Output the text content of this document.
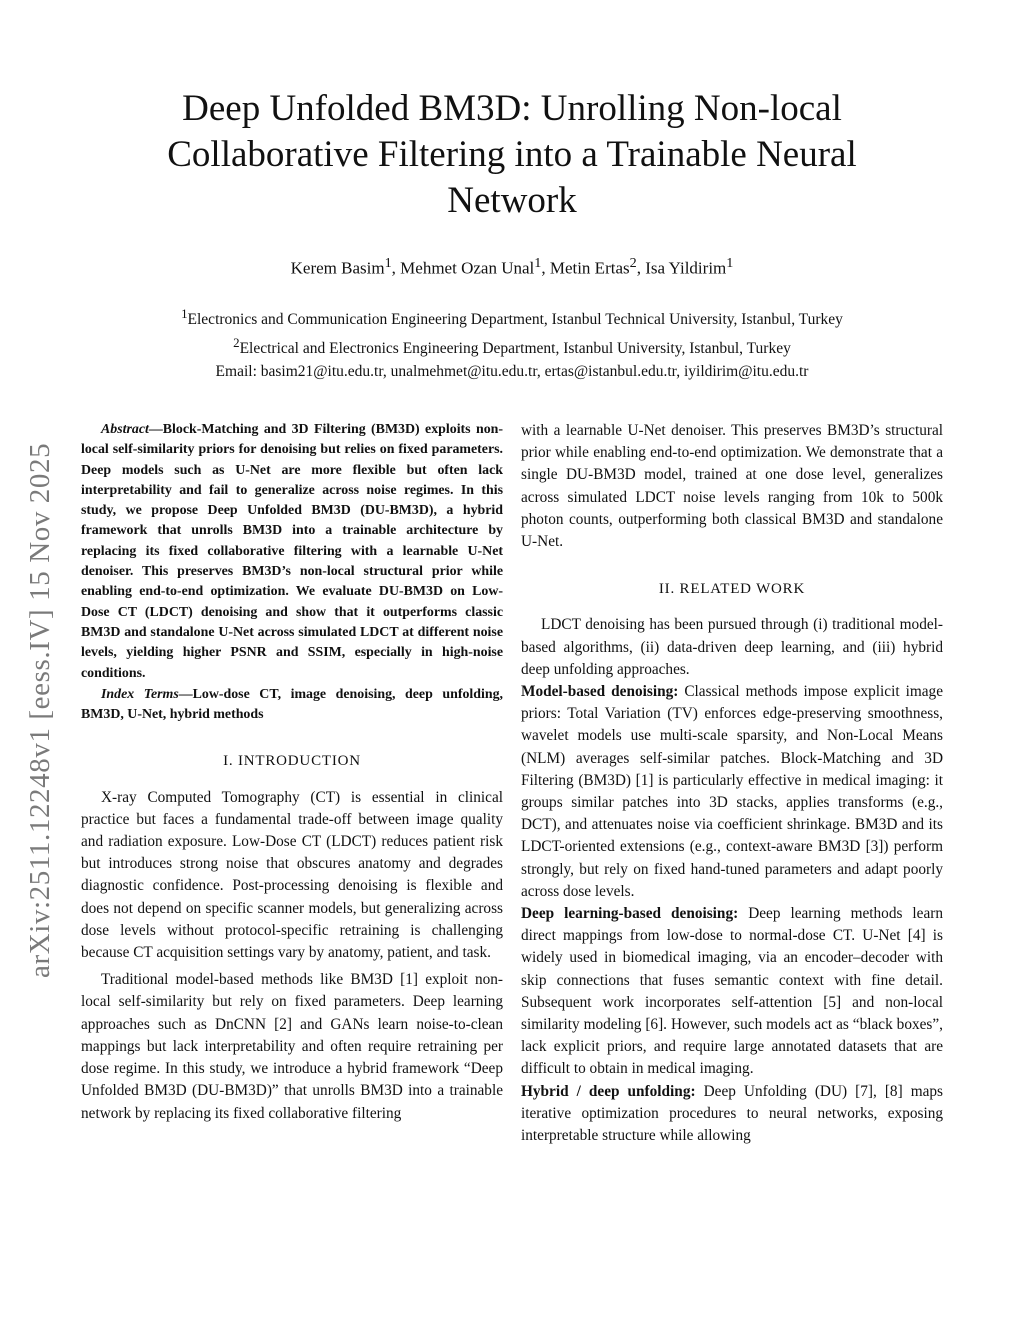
arXiv:2511.12248v1 [eess.IV] 15 Nov 2025
Deep Unfolded BM3D: Unrolling Non-local Collaborative Filtering into a Trainable Neural Network
Kerem Basim$^1$, Mehmet Ozan Unal$^1$, Metin Ertas$^2$, Isa Yildirim$^1$
$^1$Electronics and Communication Engineering Department, Istanbul Technical University, Istanbul, Turkey
$^2$Electrical and Electronics Engineering Department, Istanbul University, Istanbul, Turkey
Email: basim21@itu.edu.tr, unalmehmet@itu.edu.tr, ertas@istanbul.edu.tr, iyildirim@itu.edu.tr

Abstract—Block-Matching and 3D Filtering (BM3D) exploits non-local self-similarity priors for denoising but relies on fixed parameters. Deep models such as U-Net are more flexible but often lack interpretability and fail to generalize across noise regimes. In this study, we propose Deep Unfolded BM3D (DU-BM3D), a hybrid framework that unrolls BM3D into a trainable architecture by replacing its fixed collaborative filtering with a learnable U-Net denoiser. This preserves BM3D’s non-local structural prior while enabling end-to-end optimization. We evaluate DU-BM3D on Low-Dose CT (LDCT) denoising and show that it outperforms classic BM3D and standalone U-Net across simulated LDCT at different noise levels, yielding higher PSNR and SSIM, especially in high-noise conditions.

Index Terms—Low-dose CT, image denoising, deep unfolding, BM3D, U-Net, hybrid methods

I. INTRODUCTION

X-ray Computed Tomography (CT) is essential in clinical practice but faces a fundamental trade-off between image quality and radiation exposure. Low-Dose CT (LDCT) reduces patient risk but introduces strong noise that obscures anatomy and degrades diagnostic confidence. Post-processing denoising is flexible and does not depend on specific scanner models, but generalizing across dose levels without protocol-specific retraining is challenging because CT acquisition settings vary by anatomy, patient, and task.

Traditional model-based methods like BM3D [1] exploit non-local self-similarity but rely on fixed parameters. Deep learning approaches such as DnCNN [2] and GANs learn noise-to-clean mappings but lack interpretability and often require retraining per dose regime. In this study, we introduce a hybrid framework “Deep Unfolded BM3D (DU-BM3D)” that unrolls BM3D into a trainable network by replacing its fixed collaborative filtering

with a learnable U-Net denoiser. This preserves BM3D’s structural prior while enabling end-to-end optimization. We demonstrate that a single DU-BM3D model, trained at one dose level, generalizes across simulated LDCT noise levels ranging from 10k to 500k photon counts, outperforming both classical BM3D and standalone U-Net.

II. RELATED WORK

LDCT denoising has been pursued through (i) traditional model-based algorithms, (ii) data-driven deep learning, and (iii) hybrid deep unfolding approaches.

Model-based denoising: Classical methods impose explicit image priors: Total Variation (TV) enforces edge-preserving smoothness, wavelet models use multi-scale sparsity, and Non-Local Means (NLM) averages self-similar patches. Block-Matching and 3D Filtering (BM3D) [1] is particularly effective in medical imaging: it groups similar patches into 3D stacks, applies transforms (e.g., DCT), and attenuates noise via coefficient shrinkage. BM3D and its LDCT-oriented extensions (e.g., context-aware BM3D [3]) perform strongly, but rely on fixed hand-tuned parameters and adapt poorly across dose levels.

Deep learning-based denoising: Deep learning methods learn direct mappings from low-dose to normal-dose CT. U-Net [4] is widely used in biomedical imaging, via an encoder–decoder with skip connections that fuses semantic context with fine detail. Subsequent work incorporates self-attention [5] and non-local similarity modeling [6]. However, such models act as “black boxes”, lack explicit priors, and require large annotated datasets that are difficult to obtain in medical imaging.

Hybrid / deep unfolding: Deep Unfolding (DU) [7], [8] maps iterative optimization procedures to neural networks, exposing interpretable structure while allowing
